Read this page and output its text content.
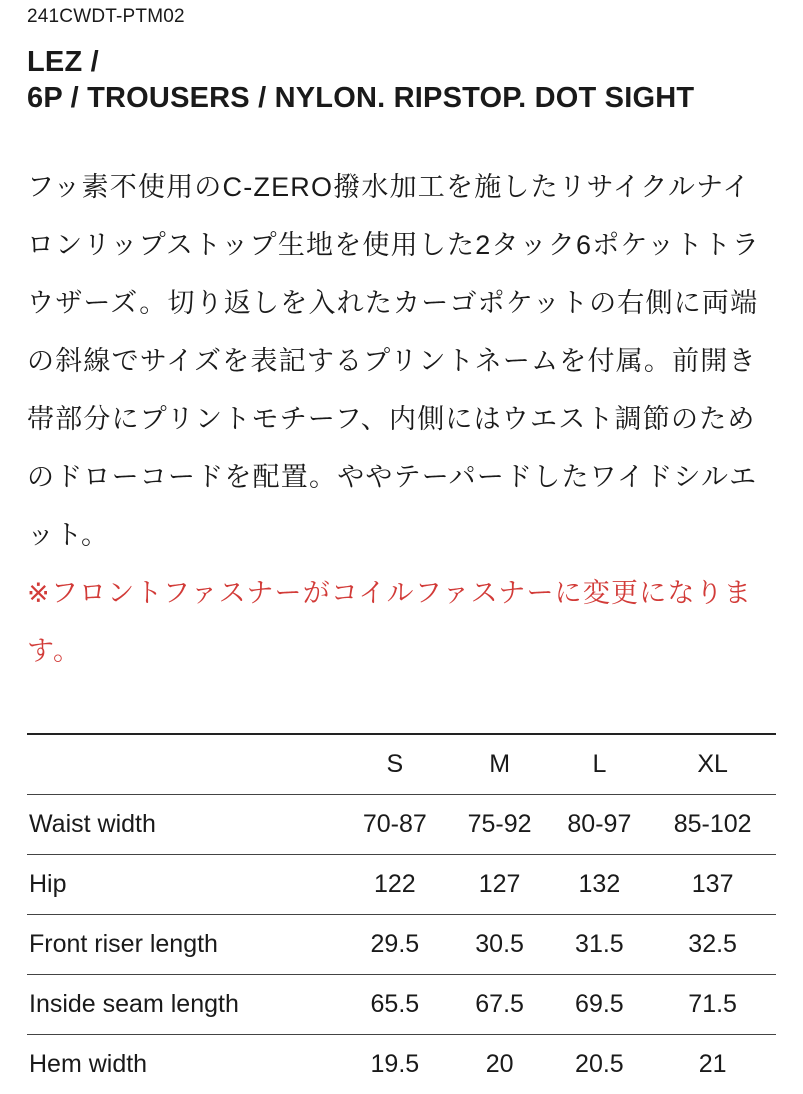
241CWDT-PTM02
LEZ /
6P / TROUSERS / NYLON. RIPSTOP. DOT SIGHT
フッ素不使用のC-ZERO撥水加工を施したリサイクルナイ
ロンリップストップ生地を使用した2タック6ポケットトラ
ウザーズ。切り返しを入れたカーゴポケットの右側に両端
の斜線でサイズを表記するプリントネームを付属。前開き
帯部分にプリントモチーフ、内側にはウエスト調節のため
のドローコードを配置。ややテーパードしたワイドシルエ
ット。
※フロントファスナーがコイルファスナーに変更になりま
す。
	S	M	L	XL
Waist width	70-87	75-92	80-97	85-102
Hip	122	127	132	137
Front riser length	29.5	30.5	31.5	32.5
Inside seam length	65.5	67.5	69.5	71.5
Hem width	19.5	20	20.5	21
